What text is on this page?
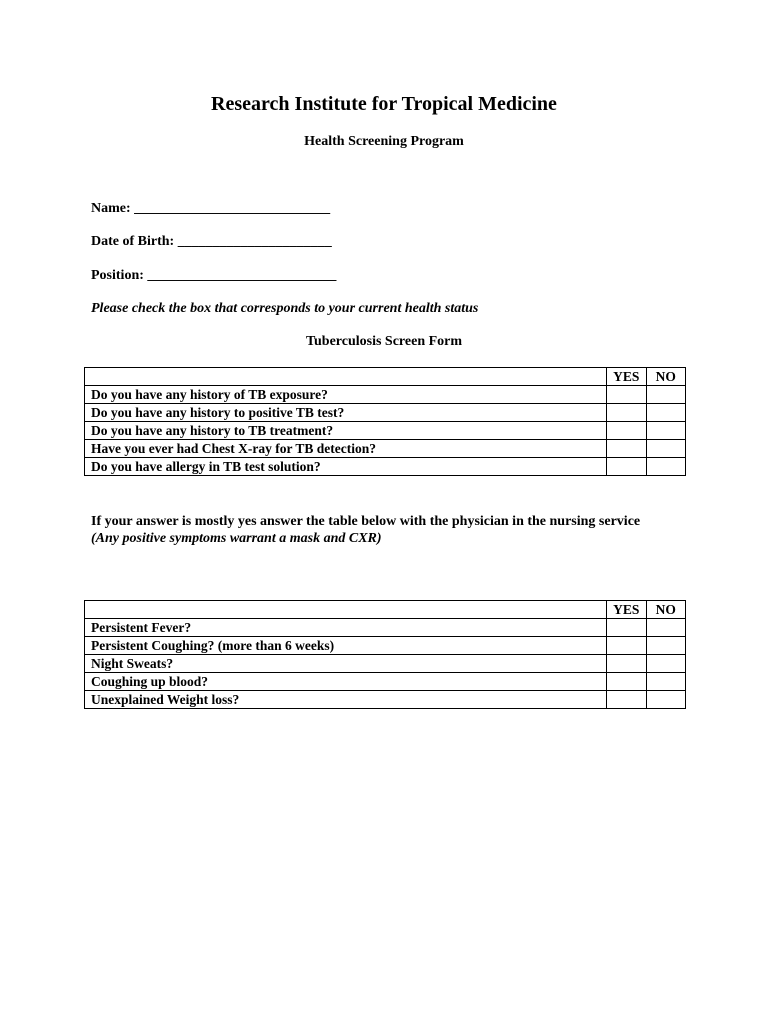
Research Institute for Tropical Medicine
Health Screening Program
Name: ____________________________
Date of Birth: ______________________
Position: ___________________________
Please check the box that corresponds to your current health status
Tuberculosis Screen Form
	YES	NO
Do you have any history of TB exposure?		
Do you have any history to positive TB test?		
Do you have any history to TB treatment?		
Have you ever had Chest X-ray for TB detection?		
Do you have allergy in TB test solution?		
If your answer is mostly yes answer the table below with the physician in the nursing service
(Any positive symptoms warrant a mask and CXR)
	YES	NO
Persistent Fever?		
Persistent Coughing? (more than 6 weeks)		
Night Sweats?		
Coughing up blood?		
Unexplained Weight loss?		
